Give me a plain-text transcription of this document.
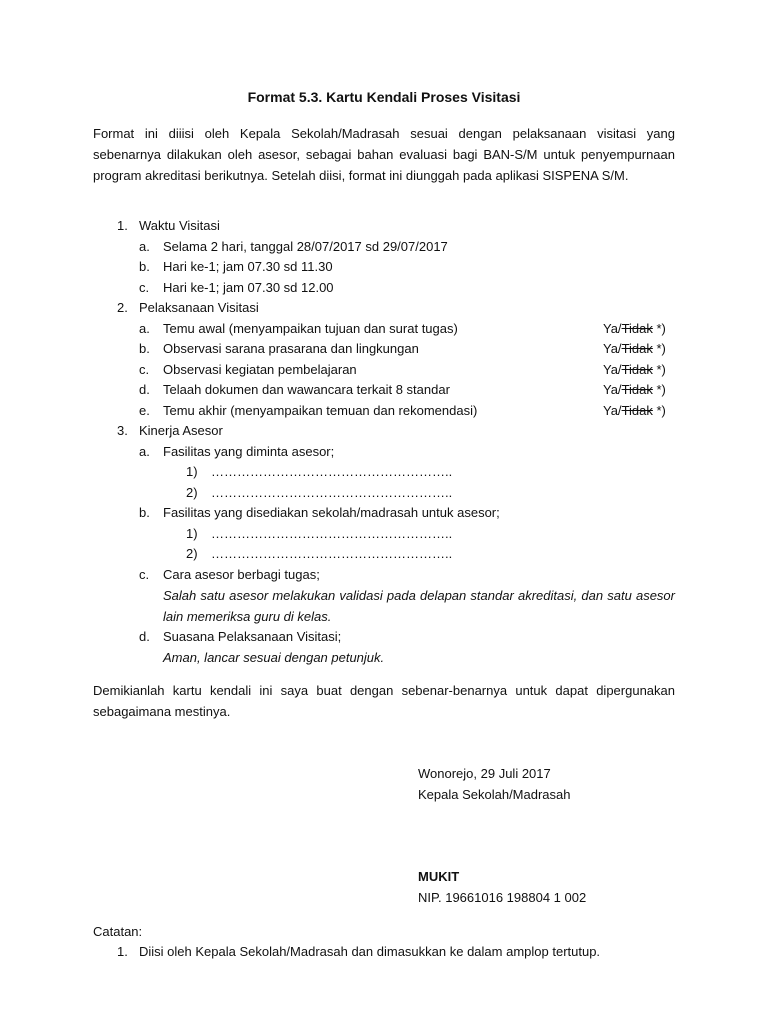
Format 5.3. Kartu Kendali Proses Visitasi
Format ini diiisi oleh Kepala Sekolah/Madrasah sesuai dengan pelaksanaan visitasi yang sebenarnya dilakukan oleh asesor, sebagai bahan evaluasi bagi BAN-S/M untuk penyempurnaan program akreditasi berikutnya. Setelah diisi, format ini diunggah pada aplikasi SISPENA S/M.
1. Waktu Visitasi
a. Selama 2 hari, tanggal 28/07/2017 sd 29/07/2017
b. Hari ke-1; jam 07.30 sd 11.30
c. Hari ke-1; jam 07.30 sd 12.00
2. Pelaksanaan Visitasi
a. Temu awal (menyampaikan tujuan dan surat tugas)	Ya/Tidak *)
b. Observasi sarana prasarana dan lingkungan	Ya/Tidak *)
c. Observasi kegiatan pembelajaran	Ya/Tidak *)
d. Telaah dokumen dan wawancara terkait 8 standar	Ya/Tidak *)
e. Temu akhir (menyampaikan temuan dan rekomendasi)	Ya/Tidak *)
3. Kinerja Asesor
a. Fasilitas yang diminta asesor;
1) ………………………………………………..
2) ………………………………………………..
b. Fasilitas yang disediakan sekolah/madrasah untuk asesor;
1) ………………………………………………..
2) ………………………………………………..
c. Cara asesor berbagi tugas;
Salah satu asesor melakukan validasi pada delapan standar akreditasi, dan satu asesor lain memeriksa guru di kelas.
d. Suasana Pelaksanaan Visitasi;
Aman, lancar sesuai dengan petunjuk.
Demikianlah kartu kendali ini saya buat dengan sebenar-benarnya untuk dapat dipergunakan sebagaimana mestinya.
Wonorejo, 29 Juli 2017
Kepala Sekolah/Madrasah
MUKIT
NIP. 19661016 198804 1 002
Catatan:
1. Diisi oleh Kepala Sekolah/Madrasah dan dimasukkan ke dalam amplop tertutup.
